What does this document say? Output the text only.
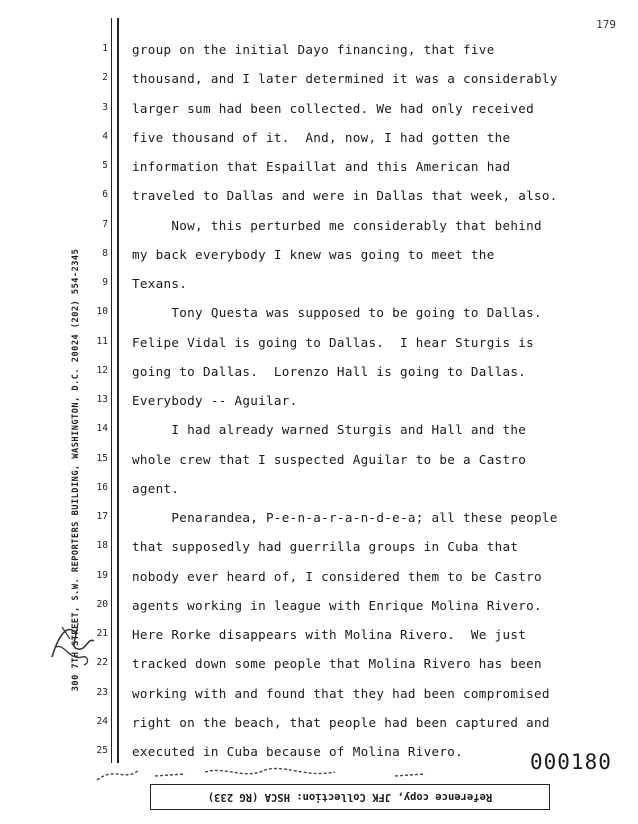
179
300 7TH STREET, S.W. REPORTERS BUILDING, WASHINGTON, D.C. 20024 (202) 554-2345
1 group on the initial Dayo financing, that five
2 thousand, and I later determined it was a considerably
3 larger sum had been collected. We had only received
4 five thousand of it.  And, now, I had gotten the
5 information that Espaillat and this American had
6 traveled to Dallas and were in Dallas that week, also.
7 Now, this perturbed me considerably that behind
8 my back everybody I knew was going to meet the
9 Texans.
10 Tony Questa was supposed to be going to Dallas.
11 Felipe Vidal is going to Dallas.  I hear Sturgis is
12 going to Dallas.  Lorenzo Hall is going to Dallas.
13 Everybody -- Aguilar.
14 I had already warned Sturgis and Hall and the
15 whole crew that I suspected Aguilar to be a Castro
16 agent.
17 Penarandea, P-e-n-a-r-a-n-d-e-a; all these people
18 that supposedly had guerrilla groups in Cuba that
19 nobody ever heard of, I considered them to be Castro
20 agents working in league with Enrique Molina Rivero.
21 Here Rorke disappears with Molina Rivero.  We just
22 tracked down some people that Molina Rivero has been
23 working with and found that they had been compromised
24 right on the beach, that people had been captured and
25 executed in Cuba because of Molina Rivero.	000180
Reference copy, JFK Collection: HSCA (RG 233)
